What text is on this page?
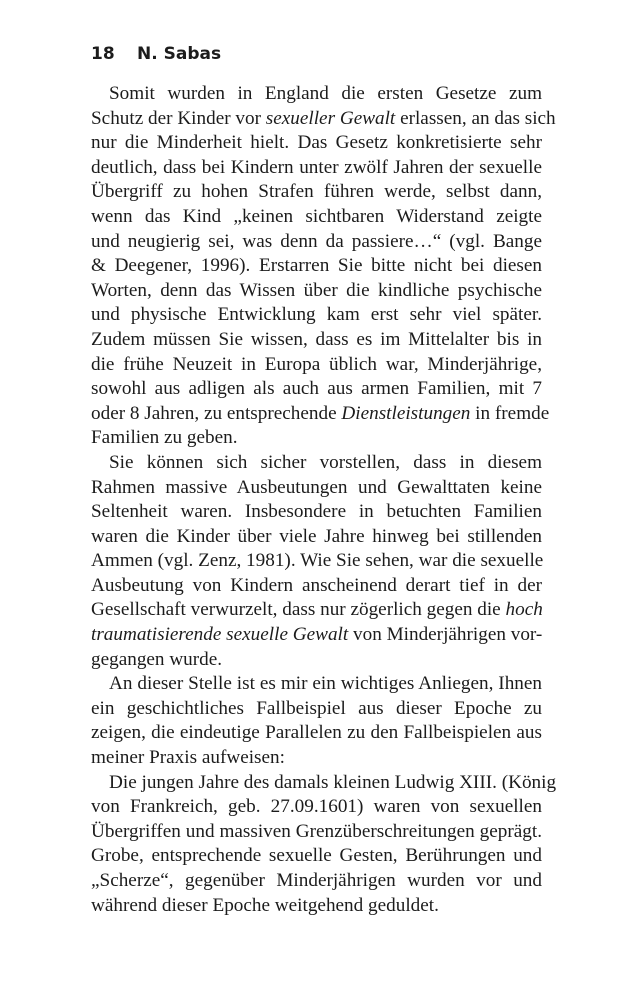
18 N. Sabas

Somit wurden in England die ersten Gesetze zum
Schutz der Kinder vor sexueller Gewalt erlassen, an das sich
nur die Minderheit hielt. Das Gesetz konkretisierte sehr
deutlich, dass bei Kindern unter zwölf Jahren der sexuelle
Übergriff zu hohen Strafen führen werde, selbst dann,
wenn das Kind „keinen sichtbaren Widerstand zeigte
und neugierig sei, was denn da passiere…“ (vgl. Bange
& Deegener, 1996). Erstarren Sie bitte nicht bei diesen
Worten, denn das Wissen über die kindliche psychische
und physische Entwicklung kam erst sehr viel später.
Zudem müssen Sie wissen, dass es im Mittelalter bis in
die frühe Neuzeit in Europa üblich war, Minderjährige,
sowohl aus adligen als auch aus armen Familien, mit 7
oder 8 Jahren, zu entsprechende Dienstleistungen in fremde
Familien zu geben.

Sie können sich sicher vorstellen, dass in diesem
Rahmen massive Ausbeutungen und Gewalttaten keine
Seltenheit waren. Insbesondere in betuchten Familien
waren die Kinder über viele Jahre hinweg bei stillenden
Ammen (vgl. Zenz, 1981). Wie Sie sehen, war die sexuelle
Ausbeutung von Kindern anscheinend derart tief in der
Gesellschaft verwurzelt, dass nur zögerlich gegen die hoch
traumatisierende sexuelle Gewalt von Minderjährigen vor-
gegangen wurde.

An dieser Stelle ist es mir ein wichtiges Anliegen, Ihnen
ein geschichtliches Fallbeispiel aus dieser Epoche zu
zeigen, die eindeutige Parallelen zu den Fallbeispielen aus
meiner Praxis aufweisen:

Die jungen Jahre des damals kleinen Ludwig XIII. (König
von Frankreich, geb. 27.09.1601) waren von sexuellen
Übergriffen und massiven Grenzüberschreitungen geprägt.
Grobe, entsprechende sexuelle Gesten, Berührungen und
„Scherze“, gegenüber Minderjährigen wurden vor und
während dieser Epoche weitgehend geduldet.
